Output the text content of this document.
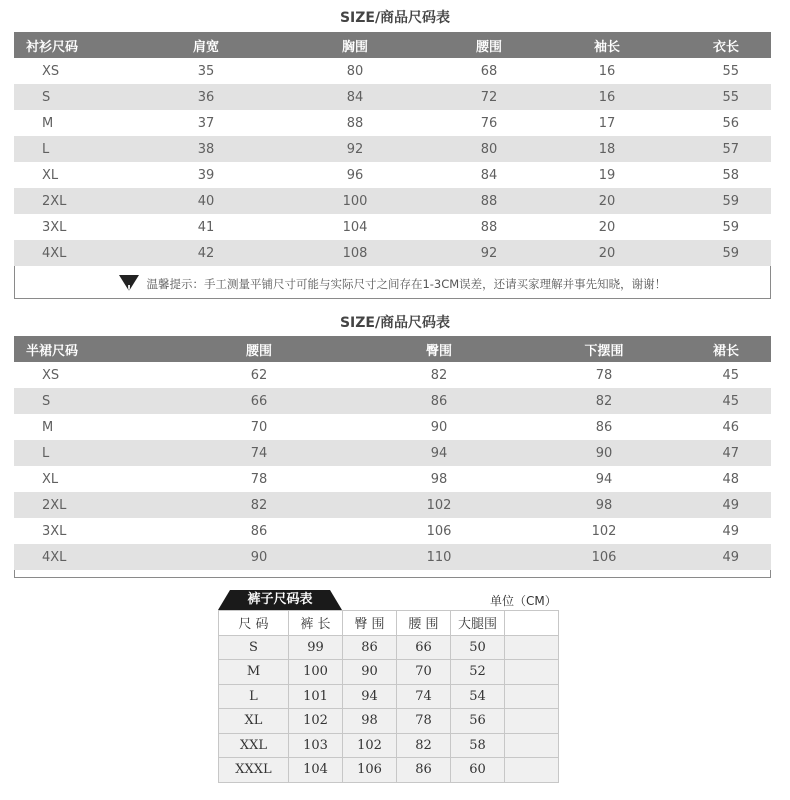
SIZE/商品尺码表
衬衫尺码	肩宽	胸围	腰围	袖长	衣长
XS	35	80	68	16	55
S	36	84	72	16	55
M	37	88	76	17	56
L	38	92	80	18	57
XL	39	96	84	19	58
2XL	40	100	88	20	59
3XL	41	104	88	20	59
4XL	42	108	92	20	59
! 温馨提示：手工测量平铺尺寸可能与实际尺寸之间存在1-3CM误差，还请买家理解并事先知晓，谢谢！
SIZE/商品尺码表
半裙尺码	腰围	臀围	下摆围	裙长
XS	62	82	78	45
S	66	86	82	45
M	70	90	86	46
L	74	94	90	47
XL	78	98	94	48
2XL	82	102	98	49
3XL	86	106	102	49
4XL	90	110	106	49
裤子尺码表	单位（CM）
尺 码	裤 长	臀 围	腰 围	大腿围	
S	99	86	66	50	
M	100	90	70	52	
L	101	94	74	54	
XL	102	98	78	56	
XXL	103	102	82	58	
XXXL	104	106	86	60	
